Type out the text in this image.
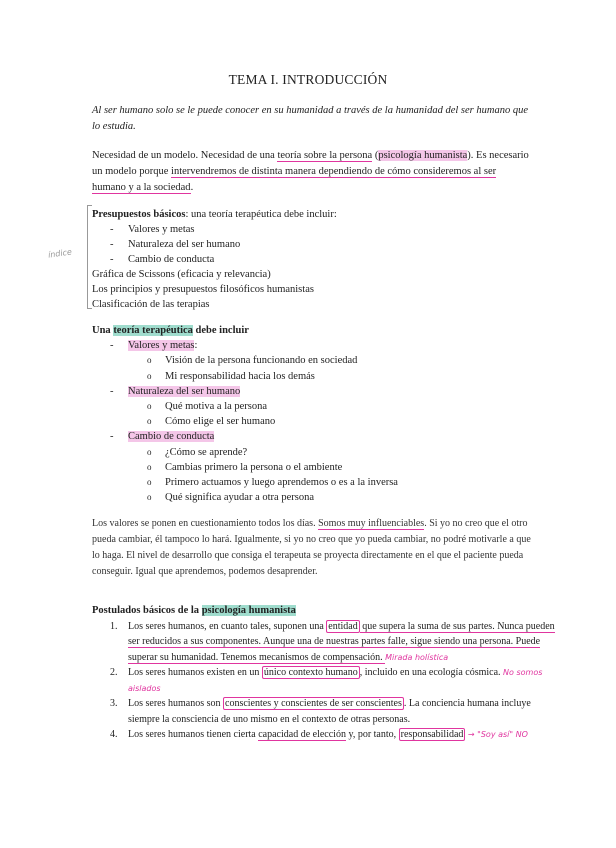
TEMA I. INTRODUCCIÓN
Al ser humano solo se le puede conocer en su humanidad a través de la humanidad del ser humano que lo estudia.
Necesidad de un modelo. Necesidad de una teoría sobre la persona (psicología humanista). Es necesario un modelo porque intervendremos de distinta manera dependiendo de cómo consideremos al ser humano y a la sociedad.
índice
Presupuestos básicos: una teoría terapéutica debe incluir:
- Valores y metas
- Naturaleza del ser humano
- Cambio de conducta
Gráfica de Scissons (eficacia y relevancia)
Los principios y presupuestos filosóficos humanistas
Clasificación de las terapias
Una teoría terapéutica debe incluir
- Valores y metas:
o Visión de la persona funcionando en sociedad
o Mi responsabilidad hacia los demás
- Naturaleza del ser humano
o Qué motiva a la persona
o Cómo elige el ser humano
- Cambio de conducta
o ¿Cómo se aprende?
o Cambias primero la persona o el ambiente
o Primero actuamos y luego aprendemos o es a la inversa
o Qué significa ayudar a otra persona
Los valores se ponen en cuestionamiento todos los días. Somos muy influenciables. Si yo no creo que el otro pueda cambiar, él tampoco lo hará. Igualmente, si yo no creo que yo pueda cambiar, no podré motivarle a que lo haga. El nivel de desarrollo que consiga el terapeuta se proyecta directamente en el que el paciente pueda conseguir. Igual que aprendemos, podemos desaprender.
Postulados básicos de la psicología humanista
1. Los seres humanos, en cuanto tales, suponen una entidad que supera la suma de sus partes. Nunca pueden ser reducidos a sus componentes. Aunque una de nuestras partes falle, sigue siendo una persona. Puede superar su humanidad. Tenemos mecanismos de compensación. Mirada holística
2. Los seres humanos existen en un único contexto humano , incluido en una ecología cósmica. No somos aislados
3. Los seres humanos son conscientes y conscientes de ser conscientes . La conciencia humana incluye siempre la consciencia de uno mismo en el contexto de otras personas.
4. Los seres humanos tienen cierta capacidad de elección y, por tanto, responsabilidad → "Soy así" NO
